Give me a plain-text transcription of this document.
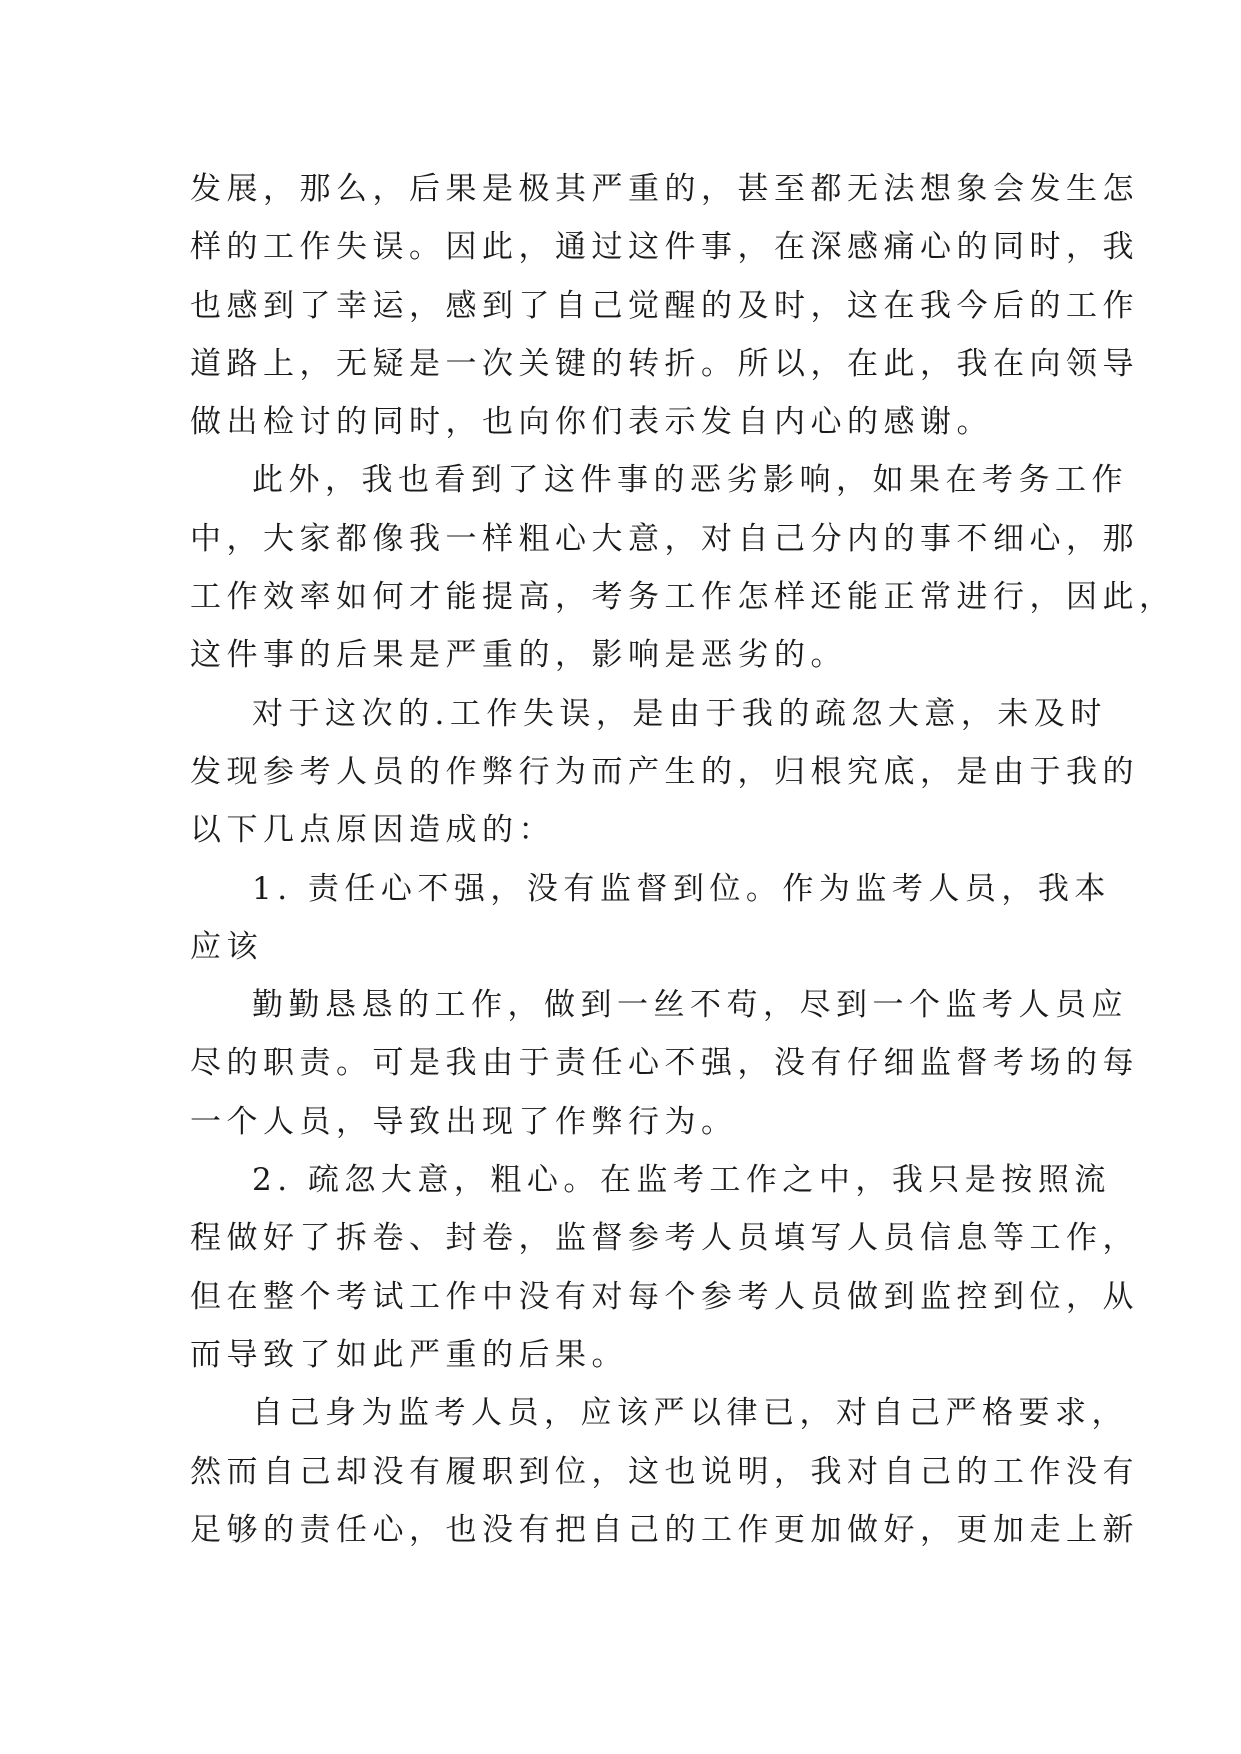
发展，那么，后果是极其严重的，甚至都无法想象会发生怎
样的工作失误。因此，通过这件事，在深感痛心的同时，我
也感到了幸运，感到了自己觉醒的及时，这在我今后的工作
道路上，无疑是一次关键的转折。所以，在此，我在向领导
做出检讨的同时，也向你们表示发自内心的感谢。
此外，我也看到了这件事的恶劣影响，如果在考务工作
中，大家都像我一样粗心大意，对自己分内的事不细心，那
工作效率如何才能提高，考务工作怎样还能正常进行，因此，
这件事的后果是严重的，影响是恶劣的。
对于这次的.工作失误，是由于我的疏忽大意，未及时
发现参考人员的作弊行为而产生的，归根究底，是由于我的
以下几点原因造成的：
1. 责任心不强，没有监督到位。作为监考人员，我本
应该
勤勤恳恳的工作，做到一丝不苟，尽到一个监考人员应
尽的职责。可是我由于责任心不强，没有仔细监督考场的每
一个人员，导致出现了作弊行为。
2. 疏忽大意，粗心。在监考工作之中，我只是按照流
程做好了拆卷、封卷，监督参考人员填写人员信息等工作，
但在整个考试工作中没有对每个参考人员做到监控到位，从
而导致了如此严重的后果。
自己身为监考人员，应该严以律已，对自己严格要求，
然而自己却没有履职到位，这也说明，我对自己的工作没有
足够的责任心，也没有把自己的工作更加做好，更加走上新
